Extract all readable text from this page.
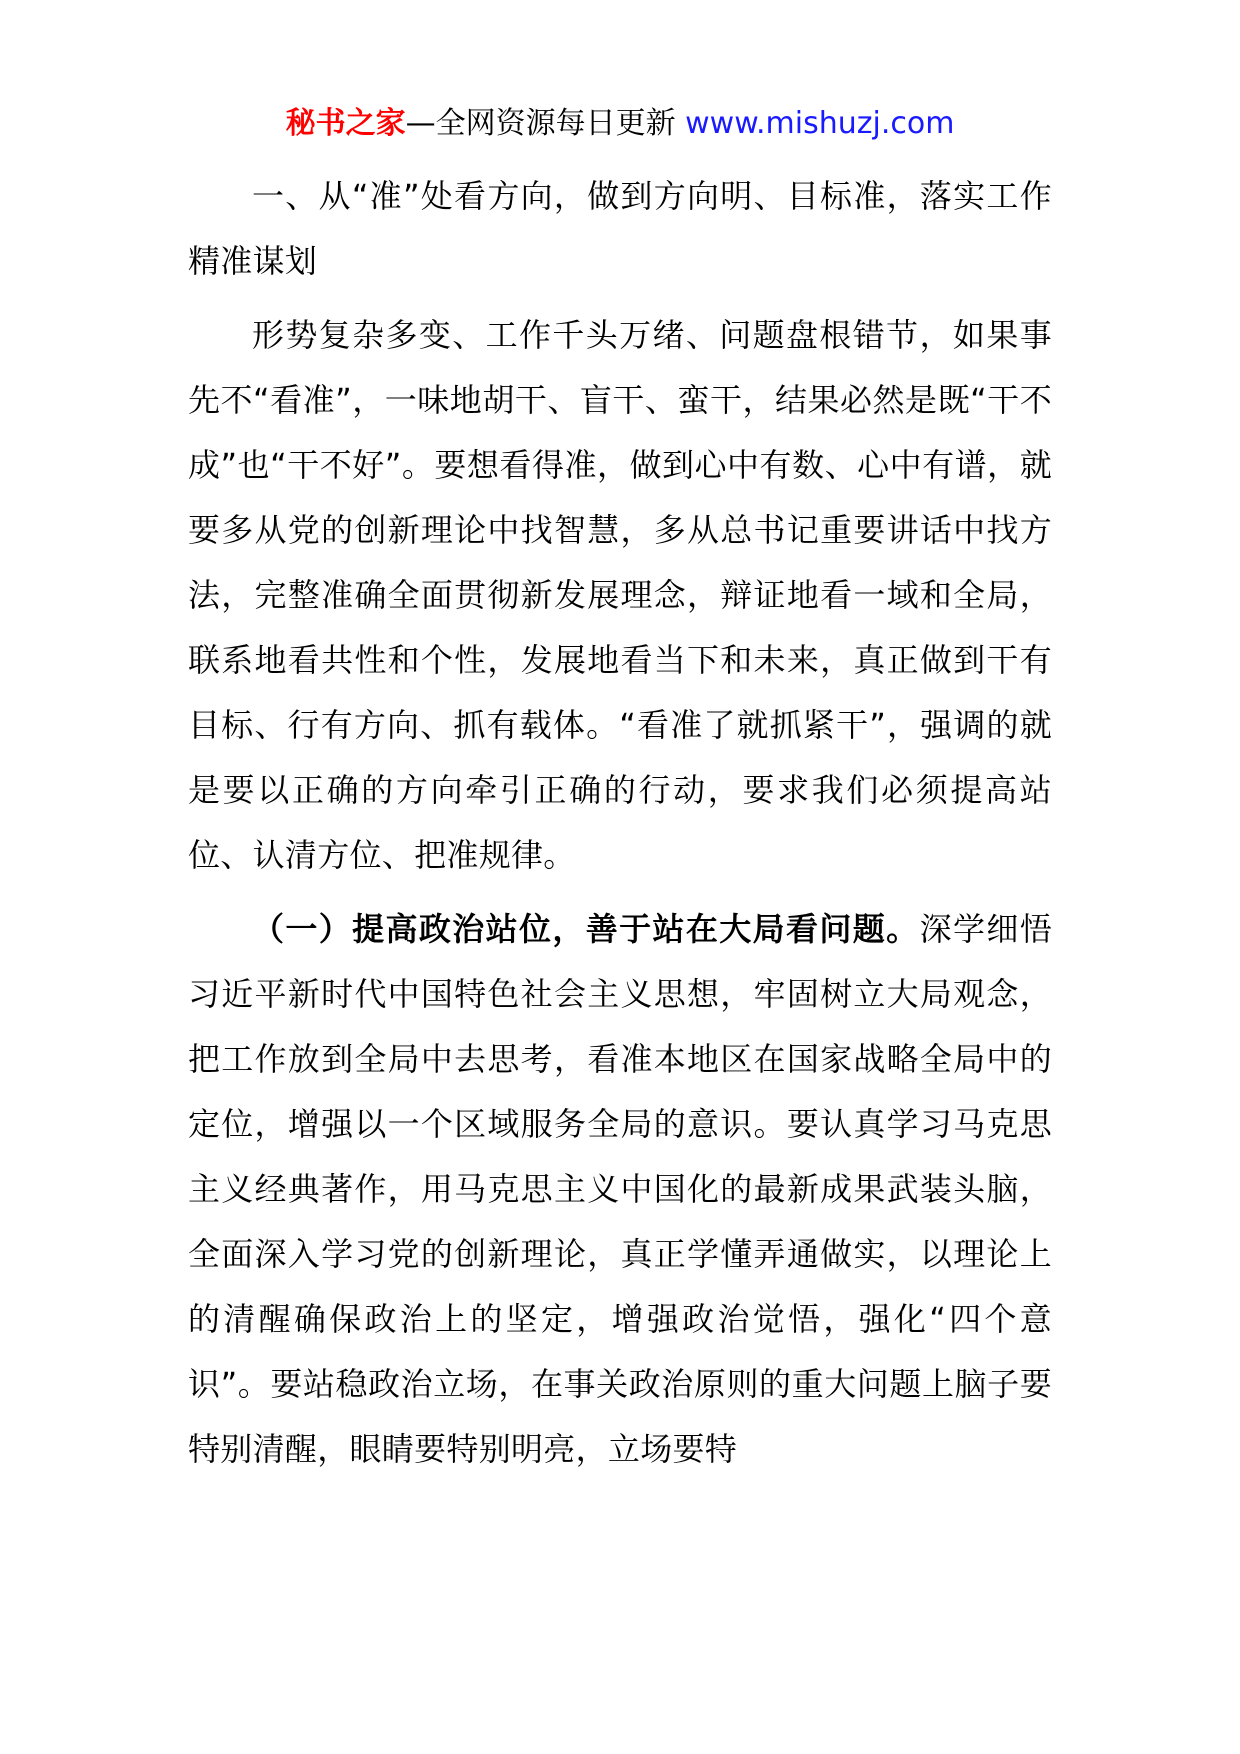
秘书之家—全网资源每日更新 www.mishuzj.com

一、从“准”处看方向，做到方向明、目标准，落实工作精准谋划

形势复杂多变、工作千头万绪、问题盘根错节，如果事先不“看准”，一味地胡干、盲干、蛮干，结果必然是既“干不成”也“干不好”。要想看得准，做到心中有数、心中有谱，就要多从党的创新理论中找智慧，多从总书记重要讲话中找方法，完整准确全面贯彻新发展理念，辩证地看一域和全局，联系地看共性和个性，发展地看当下和未来，真正做到干有目标、行有方向、抓有载体。“看准了就抓紧干”，强调的就是要以正确的方向牵引正确的行动，要求我们必须提高站位、认清方位、把准规律。

（一）提高政治站位，善于站在大局看问题。深学细悟习近平新时代中国特色社会主义思想，牢固树立大局观念，把工作放到全局中去思考，看准本地区在国家战略全局中的定位，增强以一个区域服务全局的意识。要认真学习马克思主义经典著作，用马克思主义中国化的最新成果武装头脑，全面深入学习党的创新理论，真正学懂弄通做实，以理论上的清醒确保政治上的坚定，增强政治觉悟，强化“四个意识”。要站稳政治立场，在事关政治原则的重大问题上脑子要特别清醒，眼睛要特别明亮，立场要特
